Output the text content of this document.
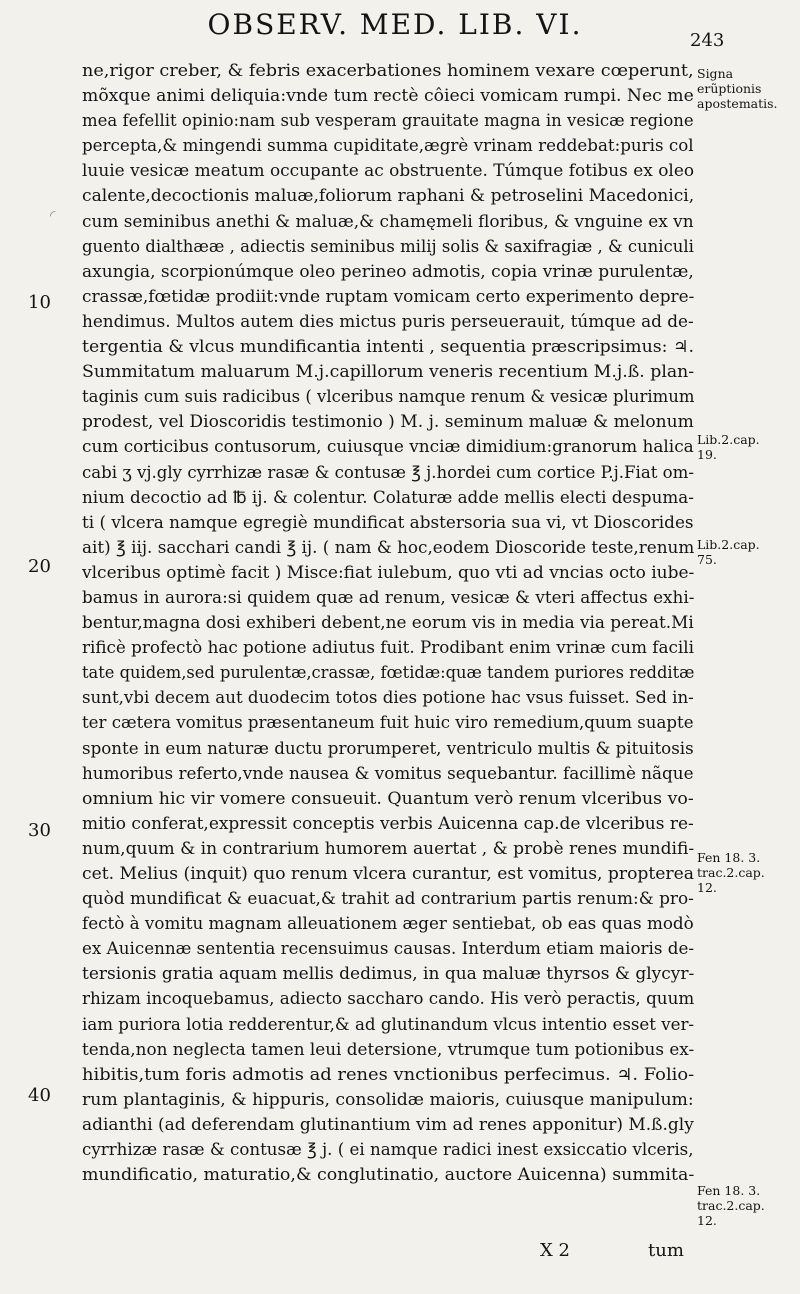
OBSERV. MED. LIB. VI.	243
ne,rigor creber, & febris exacerbationes hominem vexare cœperunt,
mõxque animi deliquia:vnde tum rectè côieci vomicam rumpi. Nec me
mea fefellit opinio:nam sub vesperam grauitate magna in vesicæ regione
percepta,& mingendi summa cupiditate,ægrè vrinam reddebat:puris col
luuie vesicæ meatum occupante ac obstruente. Túmque fotibus ex oleo
calente,decoctionis maluæ,foliorum raphani & petroselini Macedonici,
cum seminibus anethi & maluæ,& chamęmeli floribus, & vnguine ex vn
guento dialthææ , adiectis seminibus milij solis & saxifragiæ , & cuniculi
axungia, scorpionúmque oleo perineo admotis, copia vrinæ purulentæ,
crassæ,fœtidæ prodiit:vnde ruptam vomicam certo experimento depre-
hendimus. Multos autem dies mictus puris perseuerauit, túmque ad de-
tergentia & vlcus mundificantia intenti , sequentia præscripsimus: ♃.
Summitatum maluarum M.j.capillorum veneris recentium M.j.ß. plan-
taginis cum suis radicibus ( vlceribus namque renum & vesicæ plurimum
prodest, vel Dioscoridis testimonio ) M. j. seminum maluæ & melonum
cum corticibus contusorum, cuiusque vnciæ dimidium:granorum halica
cabi ʒ vj.gly cyrrhizæ rasæ & contusæ ℥ j.hordei cum cortice P.j.Fiat om-
nium decoctio ad ℔ ij. & colentur. Colaturæ adde mellis electi despuma-
ti ( vlcera namque egregiè mundificat abstersoria sua vi, vt Dioscorides
ait) ℥ iij. sacchari candi ℥ ij. ( nam & hoc,eodem Dioscoride teste,renum
vlceribus optimè facit ) Misce:fiat iulebum, quo vti ad vncias octo iube-
bamus in aurora:si quidem quæ ad renum, vesicæ & vteri affectus exhi-
bentur,magna dosi exhiberi debent,ne eorum vis in media via pereat.Mi
rificè profectò hac potione adiutus fuit. Prodibant enim vrinæ cum facili
tate quidem,sed purulentæ,crassæ, fœtidæ:quæ tandem puriores redditæ
sunt,vbi decem aut duodecim totos dies potione hac vsus fuisset. Sed in-
ter cætera vomitus præsentaneum fuit huic viro remedium,quum suapte
sponte in eum naturæ ductu prorumperet, ventriculo multis & pituitosis
humoribus referto,vnde nausea & vomitus sequebantur. facillimè nãque
omnium hic vir vomere consueuit. Quantum verò renum vlceribus vo-
mitio conferat,expressit conceptis verbis Auicenna cap.de vlceribus re-
num,quum & in contrarium humorem auertat , & probè renes mundifi-
cet. Melius (inquit) quo renum vlcera curantur, est vomitus, propterea
quòd mundificat & euacuat,& trahit ad contrarium partis renum:& pro-
fectò à vomitu magnam alleuationem æger sentiebat, ob eas quas modò
ex Auicennæ sententia recensuimus causas. Interdum etiam maioris de-
tersionis gratia aquam mellis dedimus, in qua maluæ thyrsos & glycyr-
rhizam incoquebamus, adiecto saccharo cando. His verò peractis, quum
iam puriora lotia redderentur,& ad glutinandum vlcus intentio esset ver-
tenda,non neglecta tamen leui detersione, vtrumque tum potionibus ex-
hibitis,tum foris admotis ad renes vnctionibus perfecimus. ♃. Folio-
rum plantaginis, & hippuris, consolidæ maioris, cuiusque manipulum:
adianthi (ad deferendam glutinantium vim ad renes apponitur) M.ß.gly
cyrrhizæ rasæ & contusæ ℥ j. ( ei namque radici inest exsiccatio vlceris,
mundificatio, maturatio,& conglutinatio, auctore Auicenna) summita-
10
20
30
40
Signa erũptionis apostematis.
Lib.2.cap. 19.
Lib.2.cap. 75.
Fen 18. 3. trac.2.cap. 12.
Fen 18. 3. trac.2.cap. 12.
X 2	tum
◜
